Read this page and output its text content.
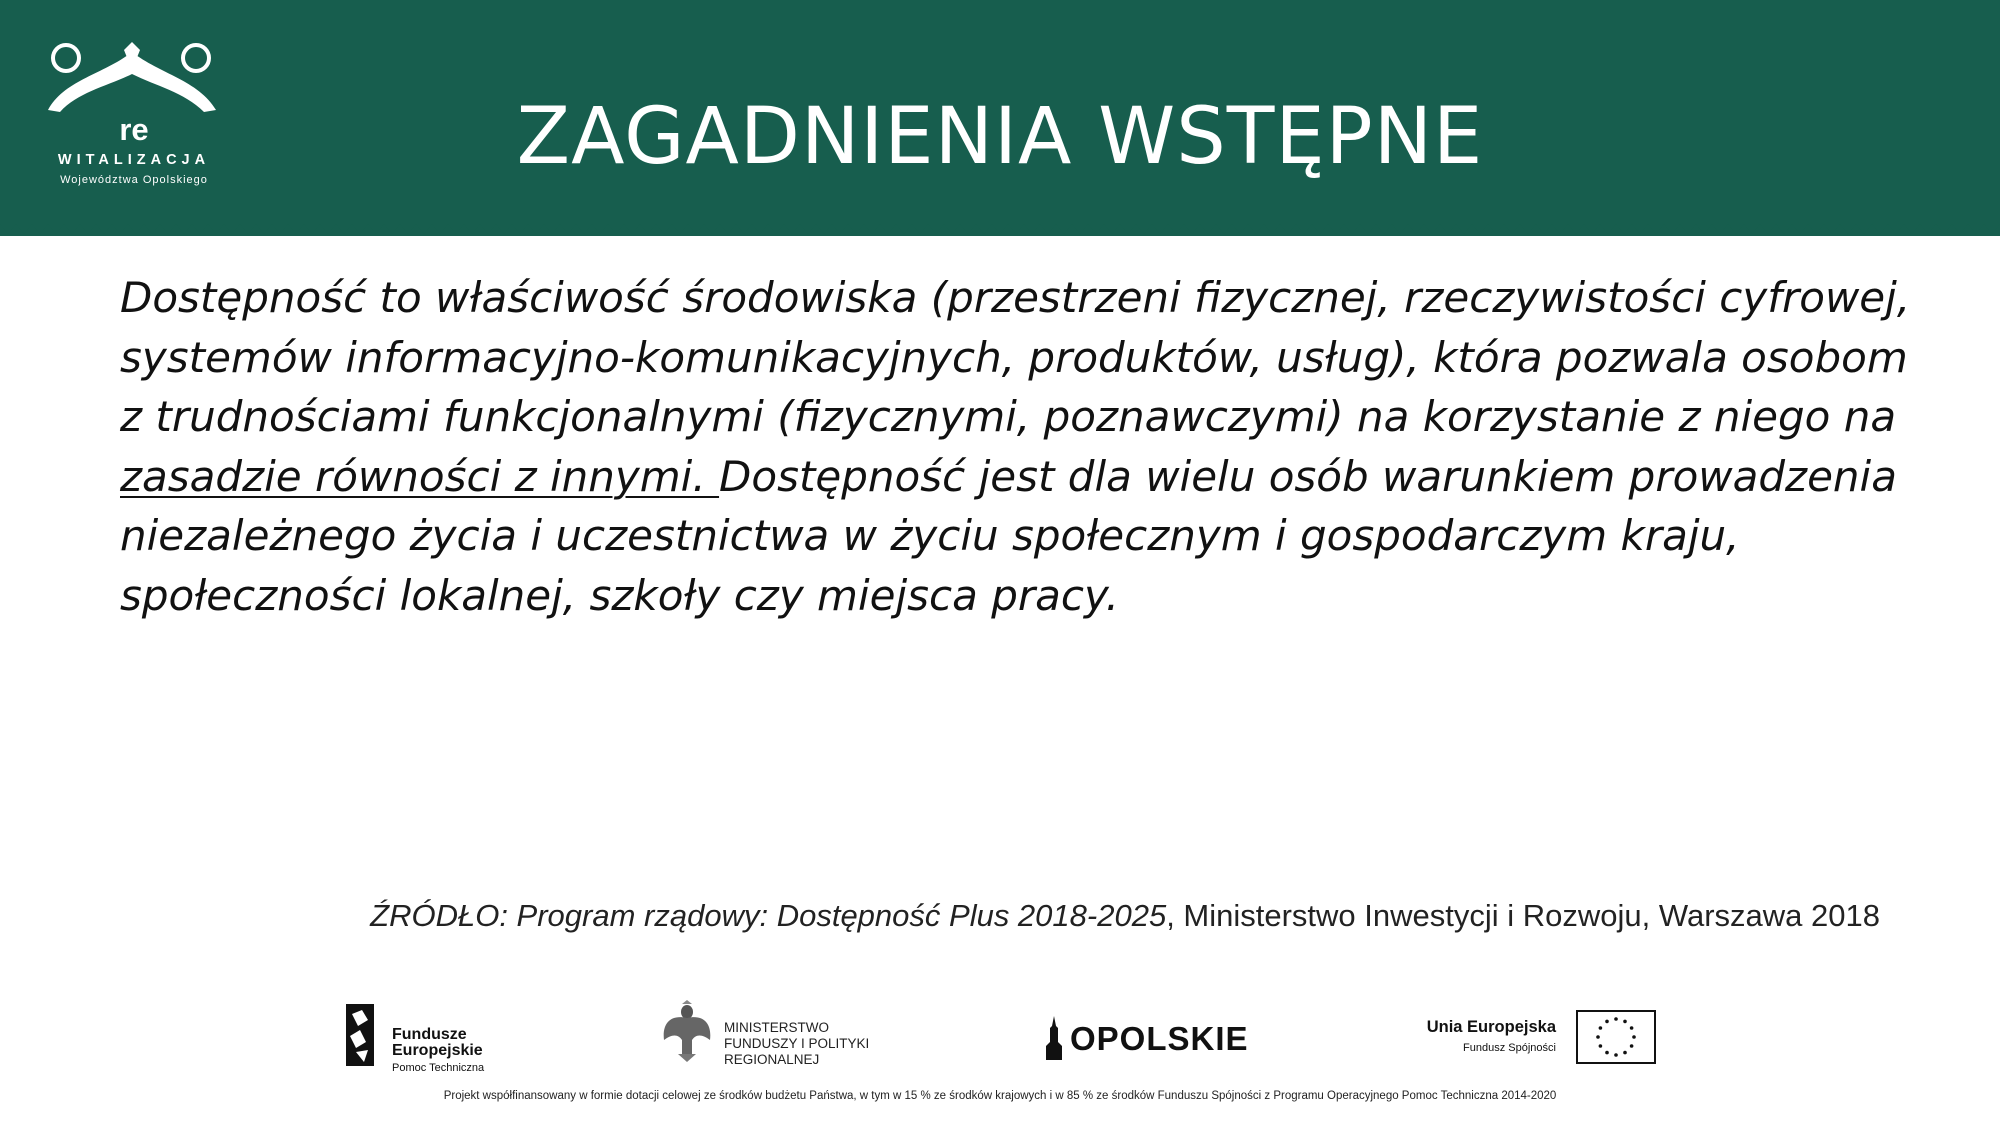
re
WITALIZACJA
Województwa Opolskiego	ZAGADNIENIA WSTĘPNE

Dostępność to właściwość środowiska (przestrzeni fizycznej, rzeczywistości cyfrowej, systemów informacyjno-komunikacyjnych, produktów, usług), która pozwala osobom z trudnościami funkcjonalnymi (fizycznymi, poznawczymi) na korzystanie z niego na zasadzie równości z innymi. Dostępność jest dla wielu osób warunkiem prowadzenia niezależnego życia i uczestnictwa w życiu społecznym i gospodarczym kraju, społeczności lokalnej, szkoły czy miejsca pracy.

ŹRÓDŁO: Program rządowy: Dostępność Plus 2018-2025, Ministerstwo Inwestycji i Rozwoju, Warszawa 2018
Fundusze
Europejskie
Pomoc Techniczna
MINISTERSTWO
FUNDUSZY I POLITYKI
REGIONALNEJ
OPOLSKIE	Unia Europejska
Fundusz Spójności
Projekt współfinansowany w formie dotacji celowej ze środków budżetu Państwa, w tym w 15 % ze środków krajowych i w 85 % ze środków Funduszu Spójności z Programu Operacyjnego Pomoc Techniczna 2014-2020
